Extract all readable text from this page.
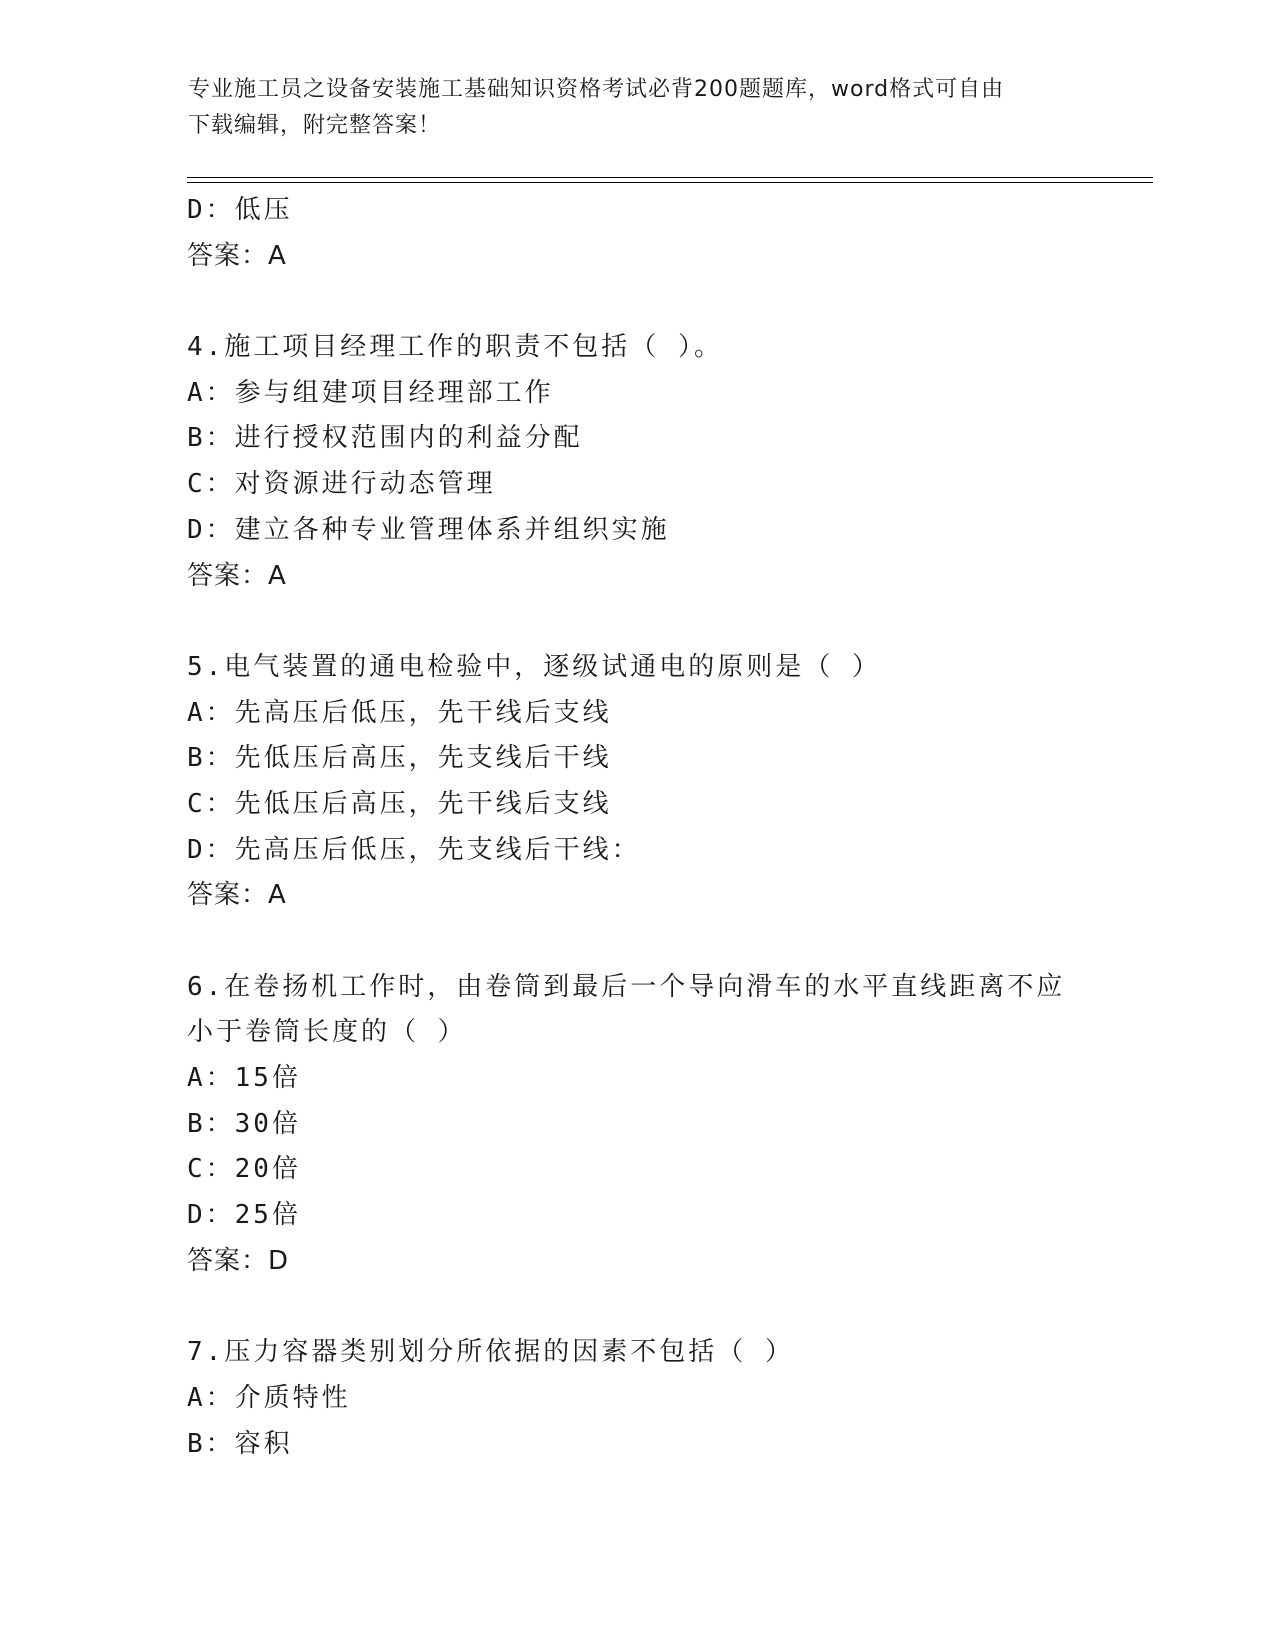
专业施工员之设备安装施工基础知识资格考试必背200题题库，word格式可自由
下载编辑，附完整答案！
D：低压
答案：A
4.施工项目经理工作的职责不包括（ ）。
A：参与组建项目经理部工作
B：进行授权范围内的利益分配
C：对资源进行动态管理
D：建立各种专业管理体系并组织实施
答案：A
5.电气装置的通电检验中，逐级试通电的原则是（ ）
A：先高压后低压，先干线后支线
B：先低压后高压，先支线后干线
C：先低压后高压，先干线后支线
D：先高压后低压，先支线后干线：
答案：A
6.在卷扬机工作时，由卷筒到最后一个导向滑车的水平直线距离不应
小于卷筒长度的（ ）
A：15倍
B：30倍
C：20倍
D：25倍
答案：D
7.压力容器类别划分所依据的因素不包括（ ）
A：介质特性
B：容积
